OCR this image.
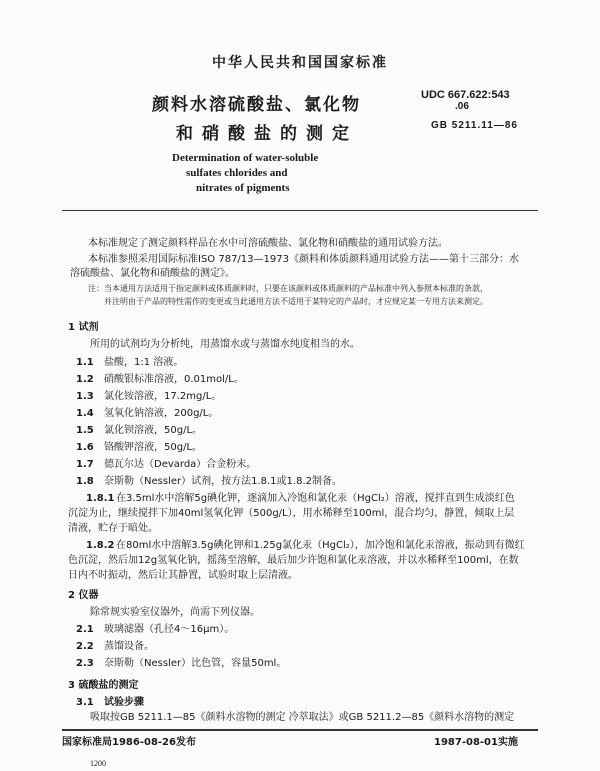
中华人民共和国国家标准
颜料水溶硫酸盐、氯化物
和硝酸盐的测定
UDC 667.622:543
.06
GB 5211.11—86
Determination of water-soluble
sulfates chlorides and
nitrates of pigments
本标准规定了测定颜料样品在水中可溶硫酸盐、氯化物和硝酸盐的通用试验方法。
本标准参照采用国际标准ISO 787/13—1973《颜料和体质颜料通用试验方法——第十三部分：水
溶硫酸盐、氯化物和硝酸盐的测定》。
注：当本通用方法适用于指定颜料或体质颜料时，只要在该颜料或体质颜料的产品标准中列入参照本标准的条款，
并注明由于产品的特性需作的变更或当此通用方法不适用于某特定的产品时，才应规定某一专用方法来测定。
1 试剂
所用的试剂均为分析纯，用蒸馏水或与蒸馏水纯度相当的水。
1.1 盐酸，1:1 溶液。
1.2 硝酸银标准溶液，0.01mol/L。
1.3 氯化铵溶液，17.2mg/L。
1.4 氢氧化钠溶液，200g/L。
1.5 氯化钡溶液，50g/L。
1.6 铬酸钾溶液，50g/L。
1.7 德瓦尔达（Devarda）合金粉末。
1.8 奈斯勒（Nessler）试剂，按方法1.8.1或1.8.2制备。
1.8.1 在3.5ml水中溶解5g碘化钾，逐滴加入冷饱和氯化汞（HgCl₂）溶液，搅拌直到生成淡红色
沉淀为止，继续搅拌下加40ml氢氧化钾（500g/L），用水稀释至100ml，混合均匀，静置，倾取上层
清液，贮存于暗处。
1.8.2 在80ml水中溶解3.5g碘化钾和1.25g氯化汞（HgCl₂），加冷饱和氯化汞溶液，振动到有微红
色沉淀，然后加12g氢氧化钠，摇荡至溶解，最后加少许饱和氯化汞溶液，并以水稀释至100ml，在数
日内不时振动，然后让其静置，试验时取上层清液。
2 仪器
除常规实验室仪器外，尚需下列仪器。
2.1 玻璃滤器（孔径4～16μm）。
2.2 蒸馏设备。
2.3 奈斯勒（Nessler）比色管，容量50ml。
3 硫酸盐的测定
3.1 试验步骤
吸取按GB 5211.1—85《颜料水溶物的测定 冷萃取法》或GB 5211.2—85《颜料水溶物的测定
国家标准局1986-08-26发布	1987-08-01实施
1200
